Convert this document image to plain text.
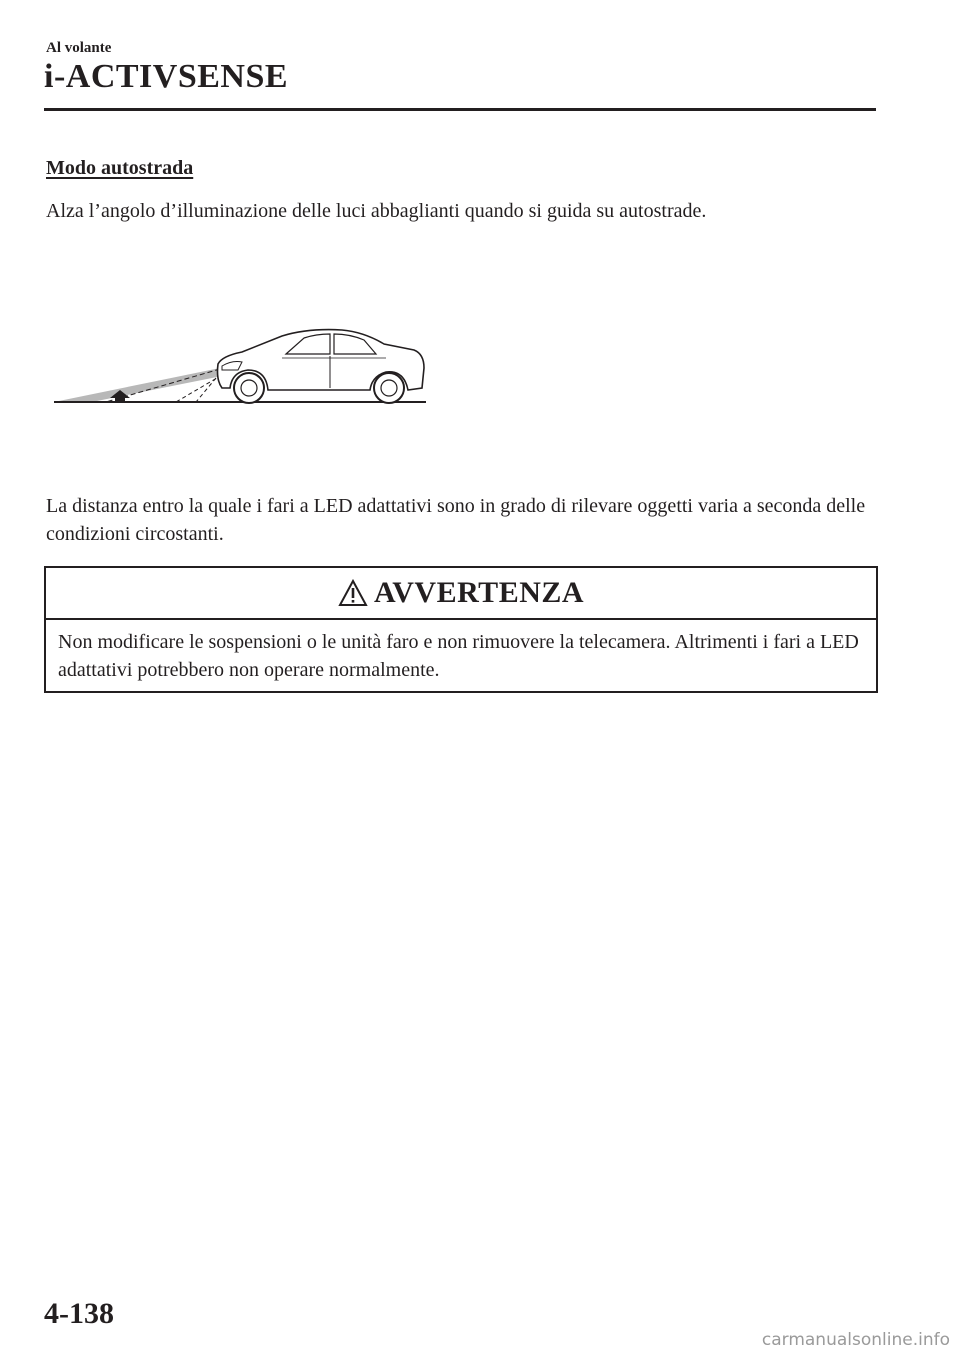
Al volante
i-ACTIVSENSE
Modo autostrada
Alza l’angolo d’illuminazione delle luci abbaglianti quando si guida su autostrade.
La distanza entro la quale i fari a LED adattativi sono in grado di rilevare oggetti varia a seconda delle condizioni circostanti.
AVVERTENZA
Non modificare le sospensioni o le unità faro e non rimuovere la telecamera. Altrimenti i fari a LED adattativi potrebbero non operare normalmente.
4-138
carmanualsonline.info
